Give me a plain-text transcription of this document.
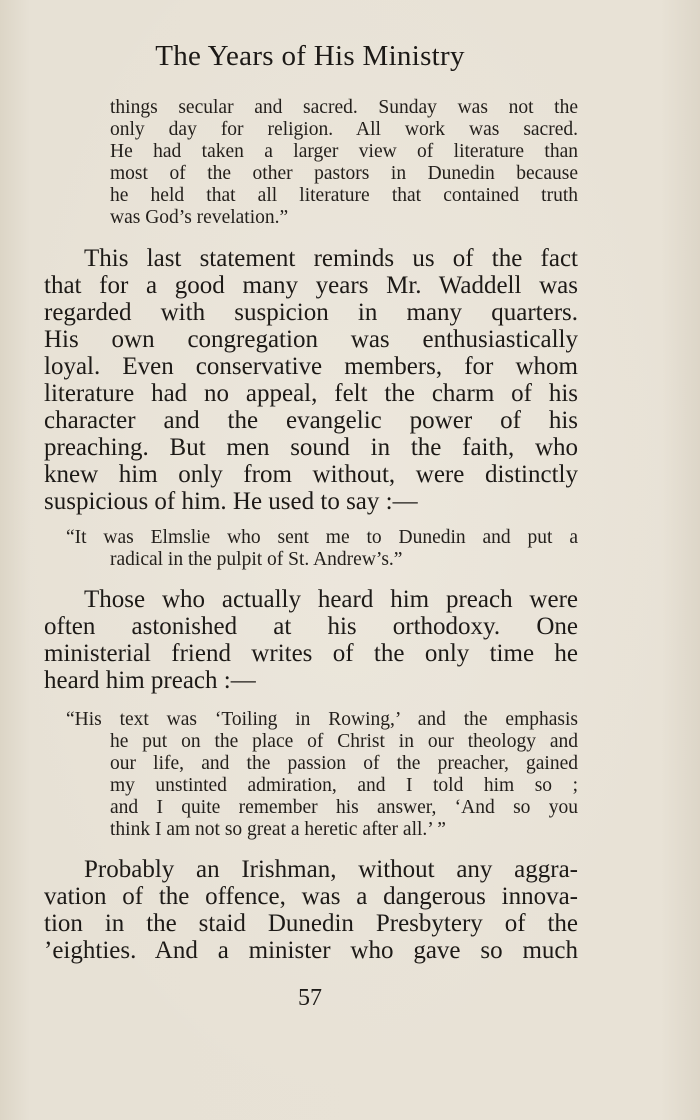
The Years of His Ministry
things secular and sacred. Sunday was not the
only day for religion. All work was sacred.
He had taken a larger view of literature than
most of the other pastors in Dunedin because
he held that all literature that contained truth
was God’s revelation.”
This last statement reminds us of the fact
that for a good many years Mr. Waddell was
regarded with suspicion in many quarters.
His own congregation was enthusiastically
loyal. Even conservative members, for whom
literature had no appeal, felt the charm of his
character and the evangelic power of his
preaching. But men sound in the faith, who
knew him only from without, were distinctly
suspicious of him. He used to say :—
“It was Elmslie who sent me to Dunedin and put a
radical in the pulpit of St. Andrew’s.”
Those who actually heard him preach were
often astonished at his orthodoxy. One
ministerial friend writes of the only time he
heard him preach :—
“His text was ‘Toiling in Rowing,’ and the emphasis
he put on the place of Christ in our theology and
our life, and the passion of the preacher, gained
my unstinted admiration, and I told him so ;
and I quite remember his answer, ‘And so you
think I am not so great a heretic after all.’ ”
Probably an Irishman, without any aggra-
vation of the offence, was a dangerous innova-
tion in the staid Dunedin Presbytery of the
’eighties. And a minister who gave so much
57
